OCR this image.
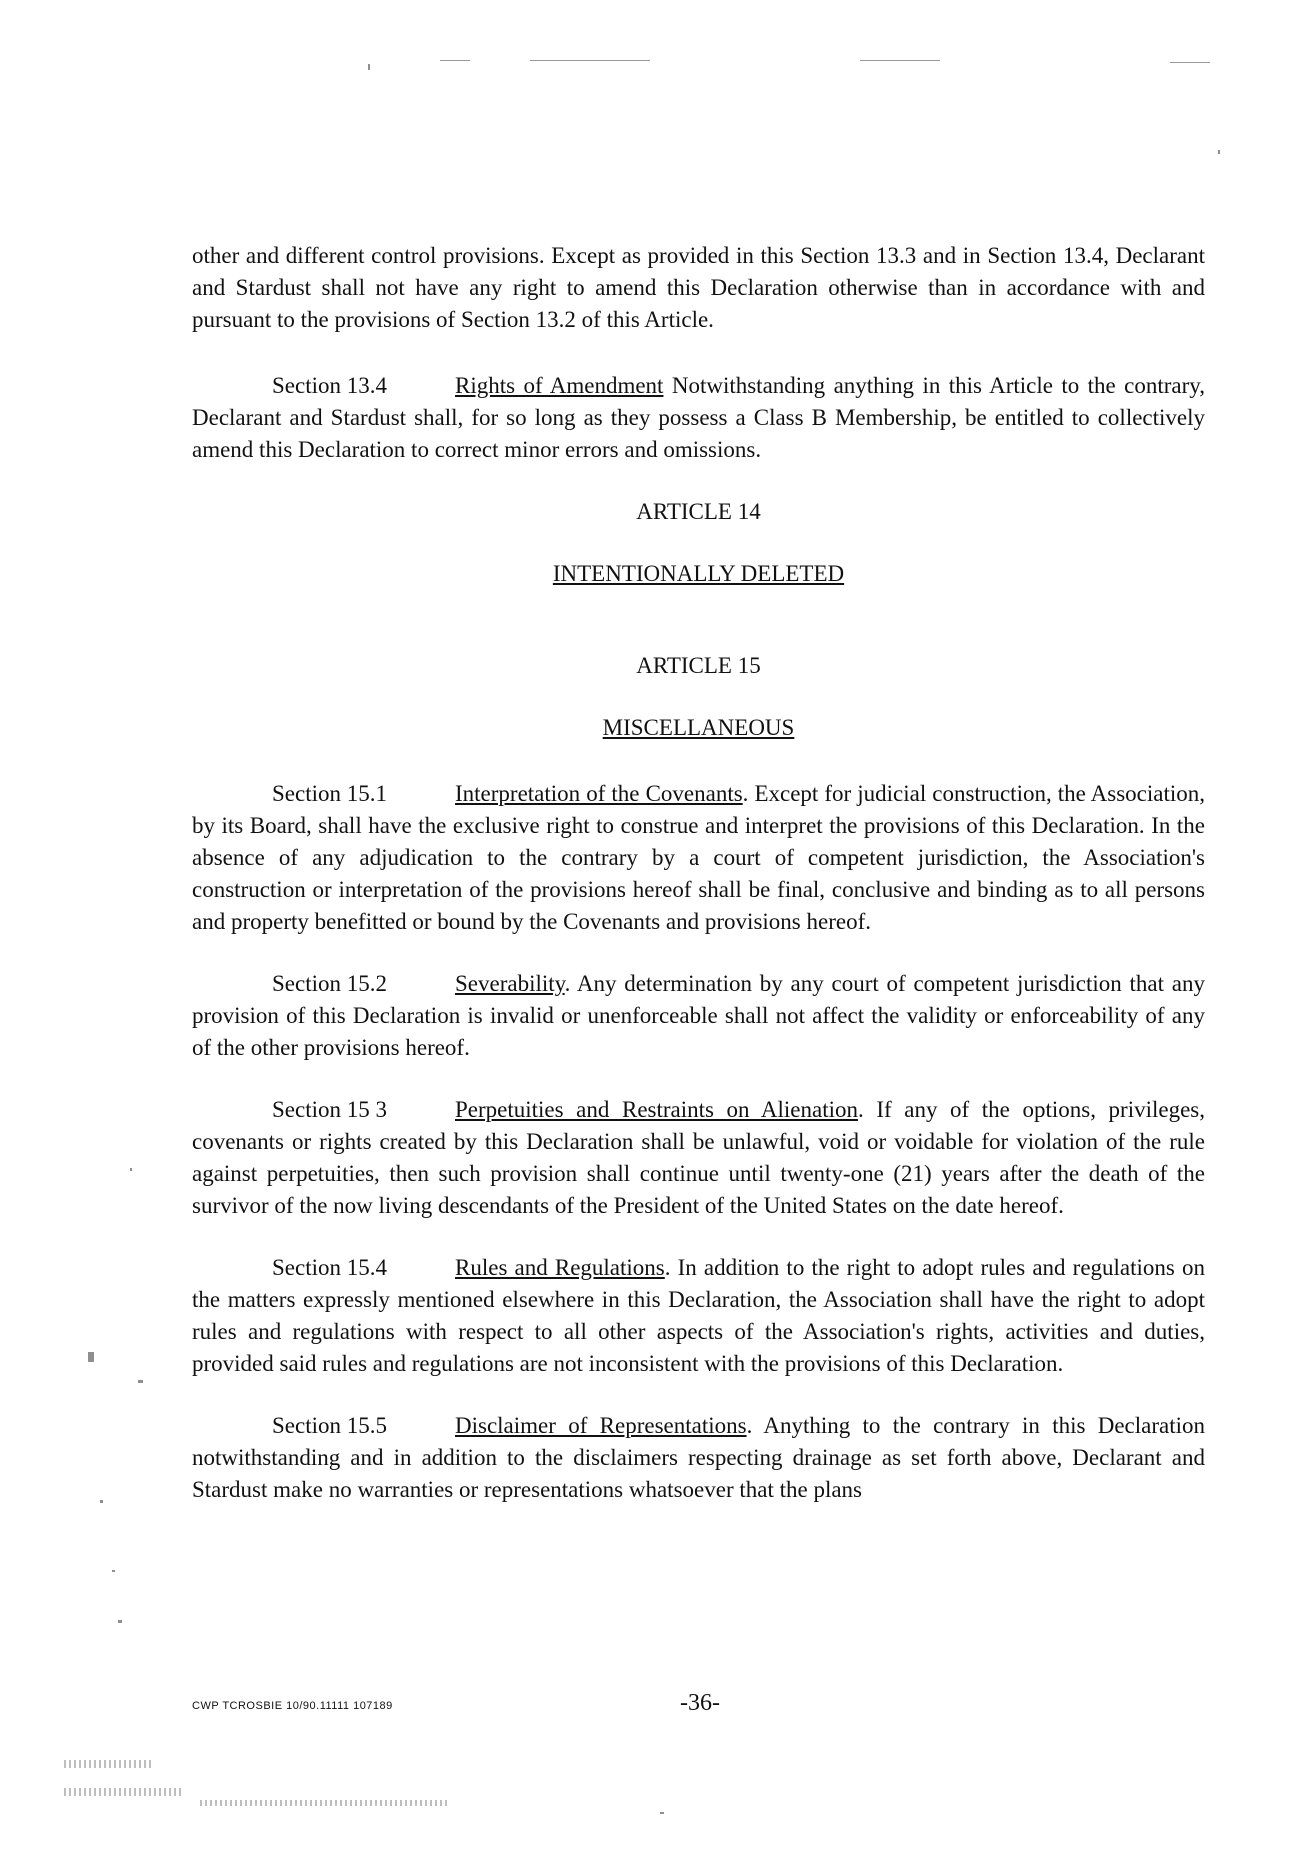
other and different control provisions. Except as provided in this Section 13.3 and in Section 13.4, Declarant and Stardust shall not have any right to amend this Declaration otherwise than in accordance with and pursuant to the provisions of Section 13.2 of this Article.

Section 13.4	Rights of Amendment Notwithstanding anything in this Article to the contrary, Declarant and Stardust shall, for so long as they possess a Class B Membership, be entitled to collectively amend this Declaration to correct minor errors and omissions.

ARTICLE 14

INTENTIONALLY DELETED

ARTICLE 15

MISCELLANEOUS

Section 15.1	Interpretation of the Covenants. Except for judicial construction, the Association, by its Board, shall have the exclusive right to construe and interpret the provisions of this Declaration. In the absence of any adjudication to the contrary by a court of competent jurisdiction, the Association's construction or interpretation of the provisions hereof shall be final, conclusive and binding as to all persons and property benefitted or bound by the Covenants and provisions hereof.

Section 15.2	Severability. Any determination by any court of competent jurisdiction that any provision of this Declaration is invalid or unenforceable shall not affect the validity or enforceability of any of the other provisions hereof.

Section 15 3	Perpetuities and Restraints on Alienation. If any of the options, privileges, covenants or rights created by this Declaration shall be unlawful, void or voidable for violation of the rule against perpetuities, then such provision shall continue until twenty-one (21) years after the death of the survivor of the now living descendants of the President of the United States on the date hereof.

Section 15.4	Rules and Regulations. In addition to the right to adopt rules and regulations on the matters expressly mentioned elsewhere in this Declaration, the Association shall have the right to adopt rules and regulations with respect to all other aspects of the Association's rights, activities and duties, provided said rules and regulations are not inconsistent with the provisions of this Declaration.

Section 15.5	Disclaimer of Representations. Anything to the contrary in this Declaration notwithstanding and in addition to the disclaimers respecting drainage as set forth above, Declarant and Stardust make no warranties or representations whatsoever that the plans

CWP TCROSBIE 10/90.11111 107189	-36-
